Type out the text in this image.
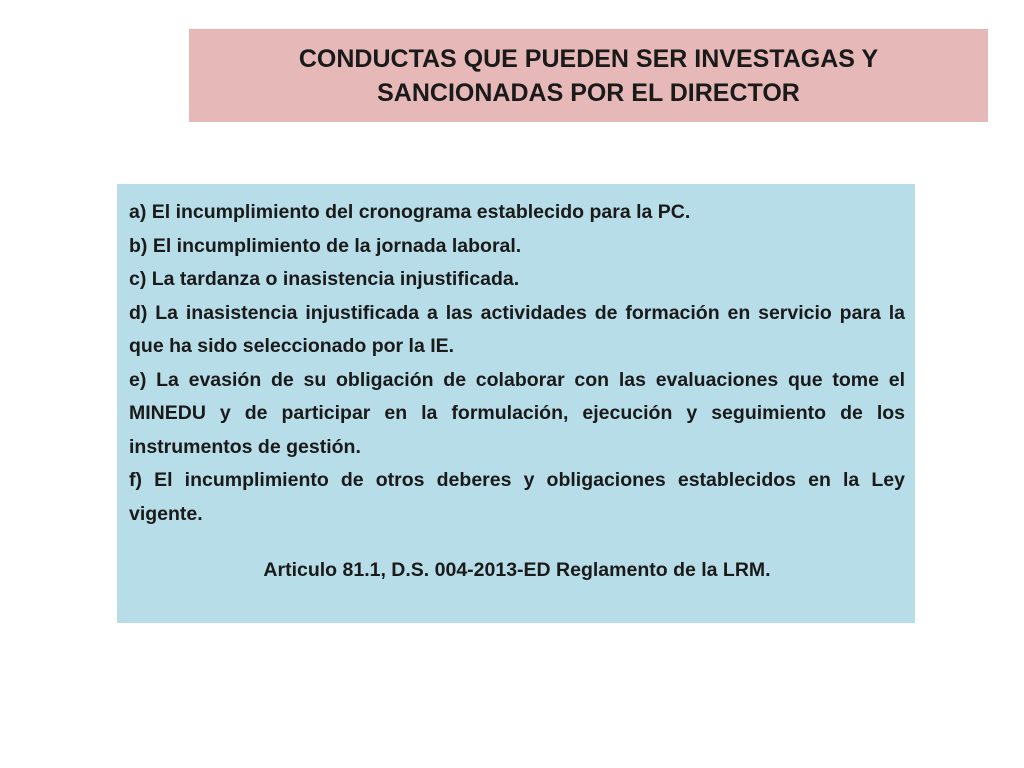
CONDUCTAS QUE PUEDEN SER INVESTAGAS Y
SANCIONADAS POR EL DIRECTOR

a) El incumplimiento del cronograma establecido para la PC.

b) El incumplimiento de la jornada laboral.

c) La tardanza o inasistencia injustificada.

d) La inasistencia injustificada a las actividades de formación en servicio para la que ha sido seleccionado por la IE.

e) La evasión de su obligación de colaborar con las evaluaciones que tome el MINEDU y de participar en la formulación, ejecución y seguimiento de los instrumentos de gestión.

f) El incumplimiento de otros deberes y obligaciones establecidos en la Ley vigente.

Articulo 81.1, D.S. 004-2013-ED Reglamento de la LRM.
